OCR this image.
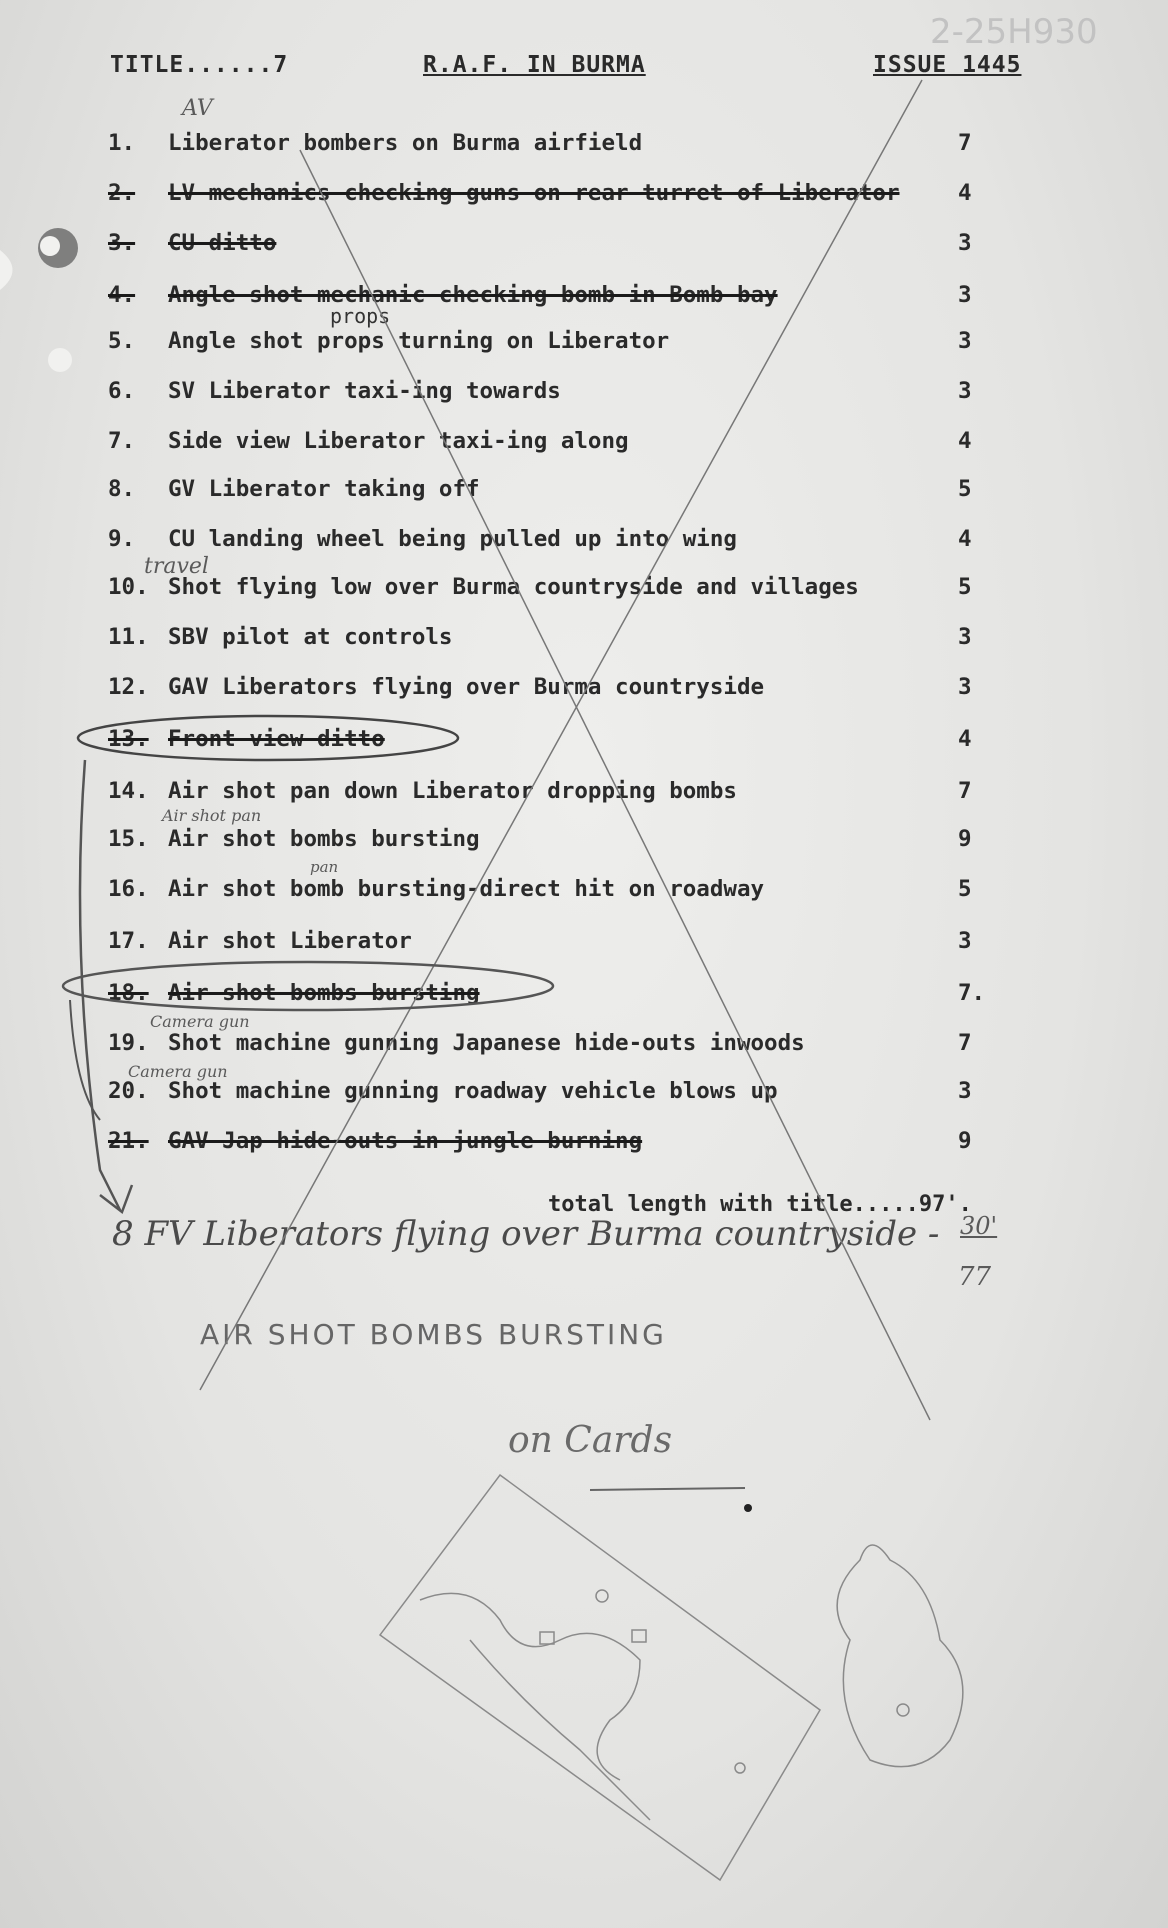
2-25H930
TITLE......7	R.A.F. IN BURMA	ISSUE 1445
1. Liberator bombers on Burma airfield	7
2. LV mechanics checking guns on rear turret of Liberator	4
3. CU ditto	3
4. Angle shot mechanic checking bomb in Bomb bay	3
5. Angle shot props turning on Liberator	3
6. SV Liberator taxi-ing towards	3
7. Side view Liberator taxi-ing along	4
8. GV Liberator taking off	5
9. CU landing wheel being pulled up into wing	4
10. Shot flying low over Burma countryside and villages	5
11. SBV pilot at controls	3
12. GAV Liberators flying over Burma countryside	3
13. Front view ditto	4
14. Air shot pan down Liberator dropping bombs	7
15. Air shot bombs bursting	9
16. Air shot bomb bursting-direct hit on roadway	5
17. Air shot Liberator	3
18. Air shot bombs bursting	7.
19. Shot machine gunning Japanese hide-outs inwoods	7
20. Shot machine gunning roadway vehicle blows up	3
21. GAV Jap hide-outs in jungle burning	9
total length with title.....97'.
30'
77
AV
props
travel
Air shot pan
pan
Camera gun
Camera gun
8 FV Liberators flying over Burma countryside -
AIR SHOT BOMBS BURSTING
on Cards
